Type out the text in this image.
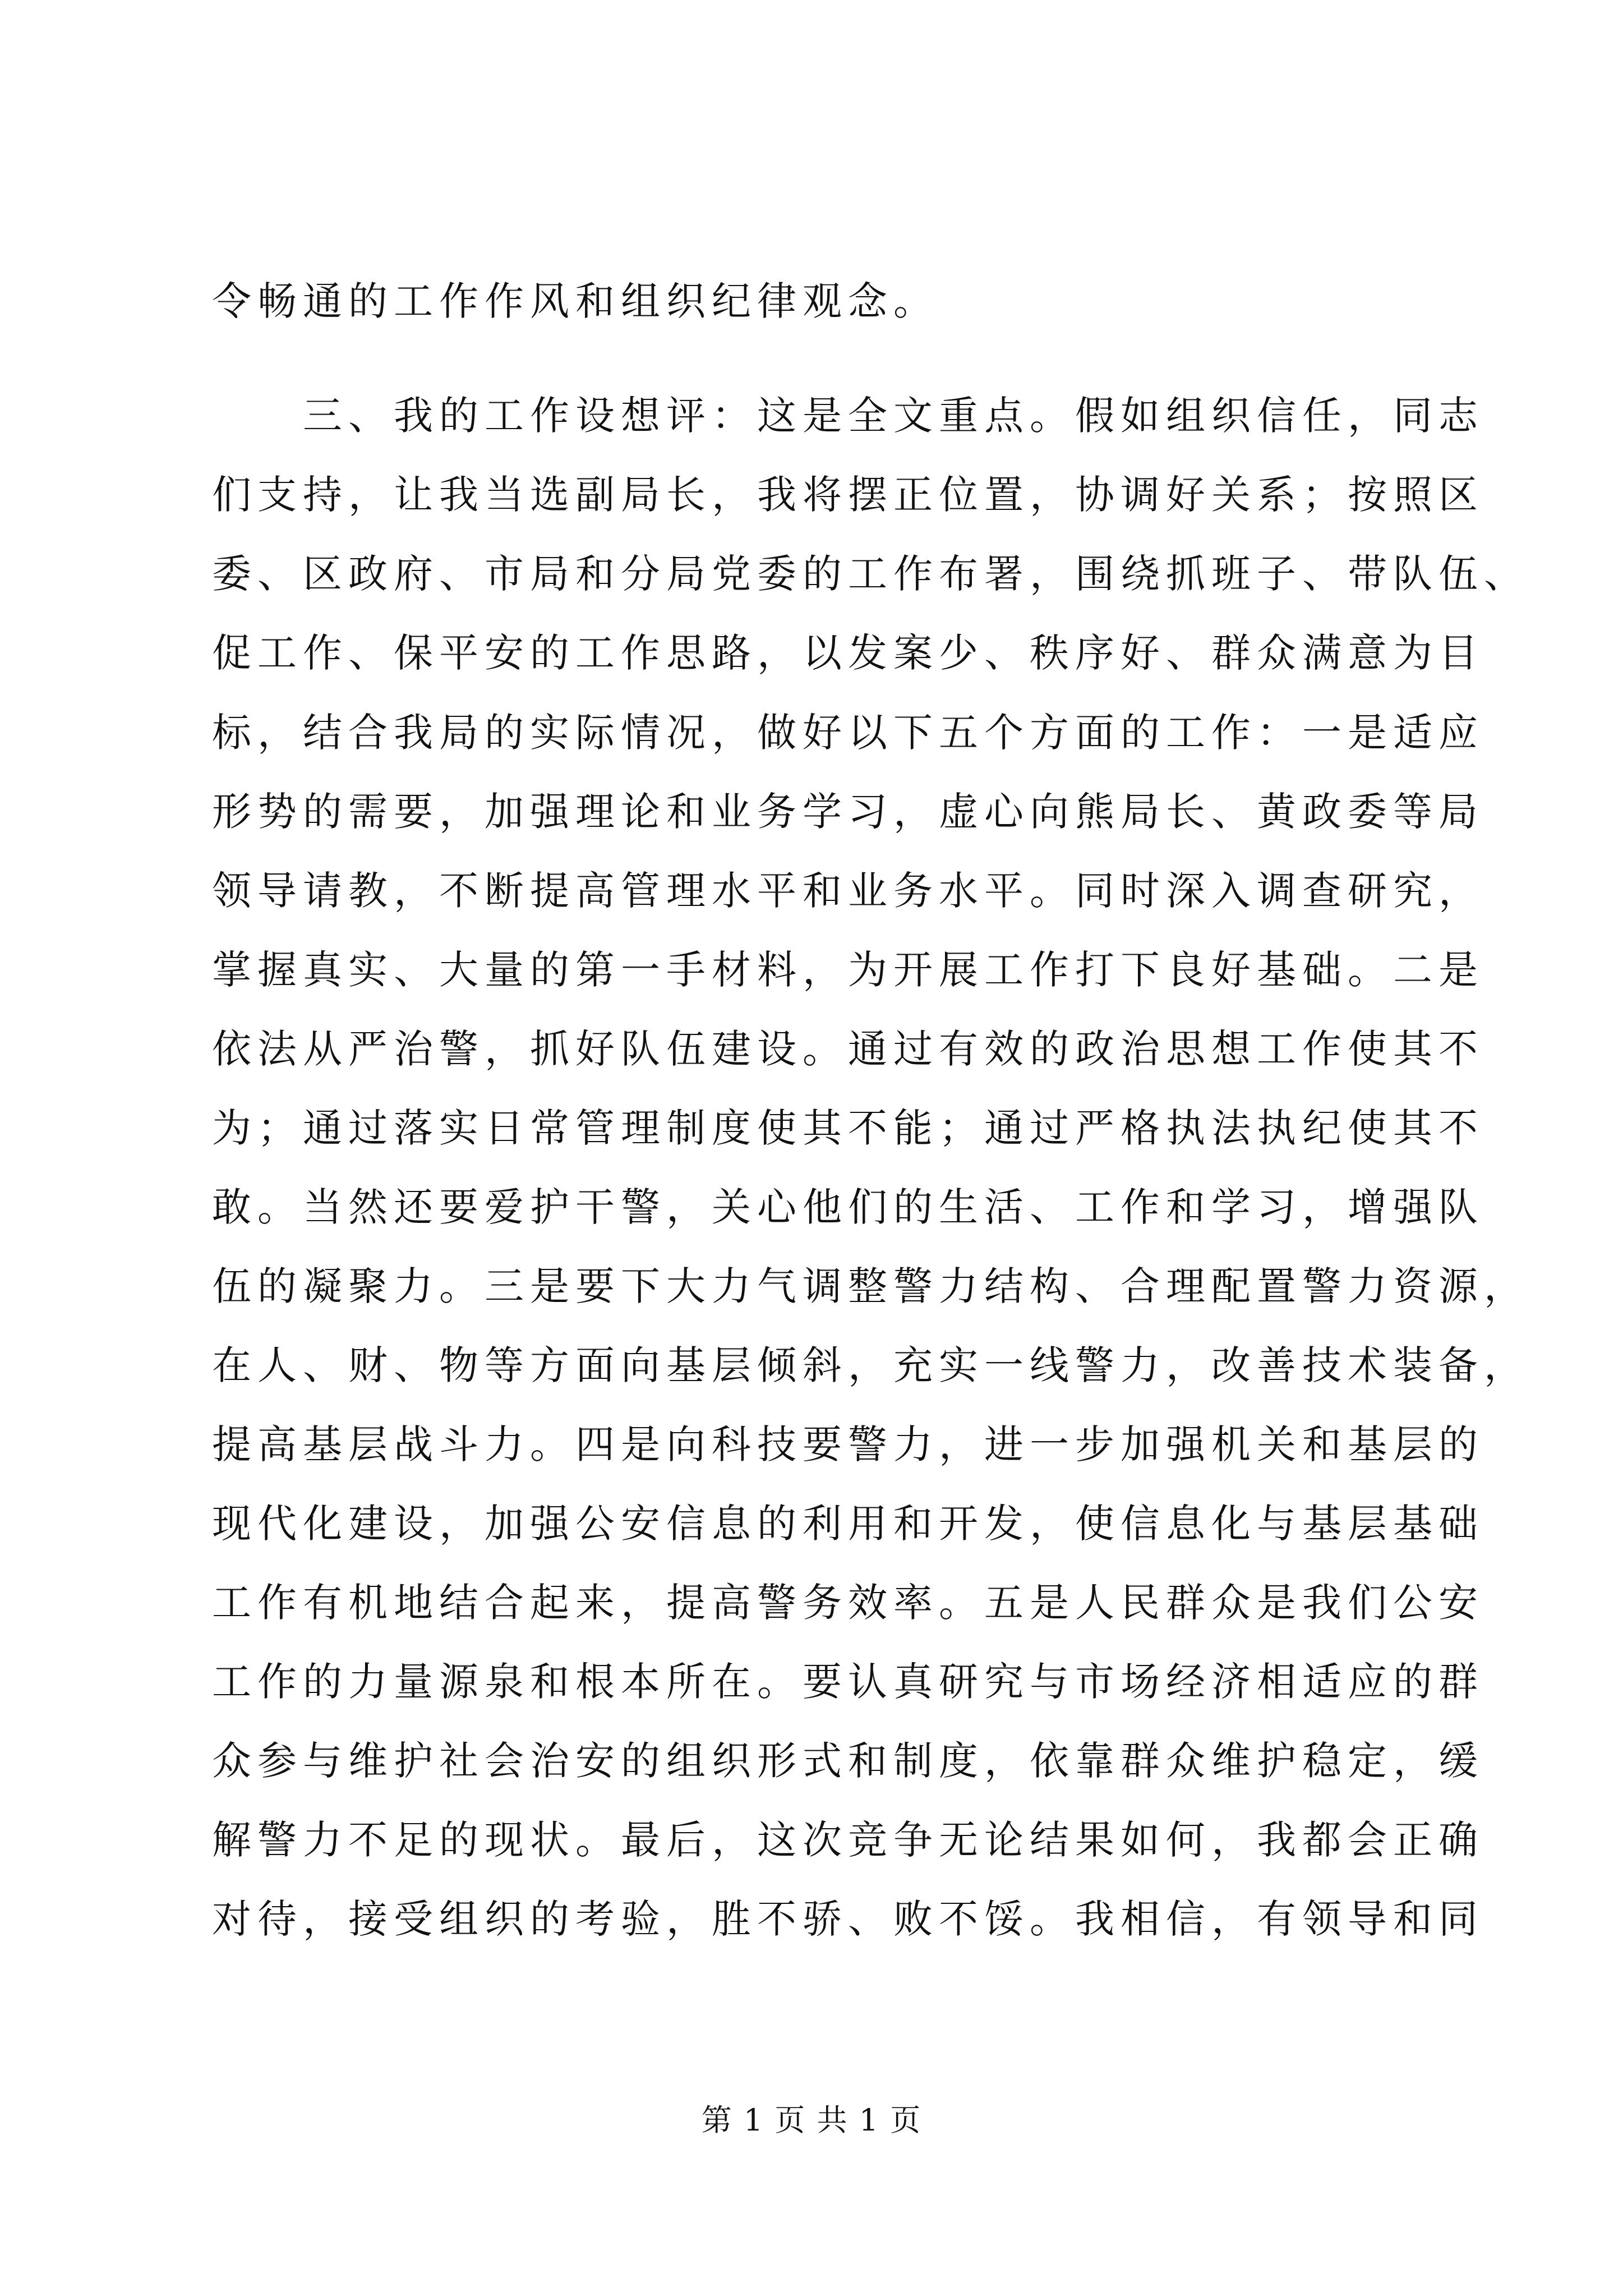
令畅通的工作作风和组织纪律观念。
　　三、我的工作设想评：这是全文重点。假如组织信任，同志
们支持，让我当选副局长，我将摆正位置，协调好关系；按照区
委、区政府、市局和分局党委的工作布署，围绕抓班子、带队伍、
促工作、保平安的工作思路，以发案少、秩序好、群众满意为目
标，结合我局的实际情况，做好以下五个方面的工作：一是适应
形势的需要，加强理论和业务学习，虚心向熊局长、黄政委等局
领导请教，不断提高管理水平和业务水平。同时深入调查研究，
掌握真实、大量的第一手材料，为开展工作打下良好基础。二是
依法从严治警，抓好队伍建设。通过有效的政治思想工作使其不
为；通过落实日常管理制度使其不能；通过严格执法执纪使其不
敢。当然还要爱护干警，关心他们的生活、工作和学习，增强队
伍的凝聚力。三是要下大力气调整警力结构、合理配置警力资源，
在人、财、物等方面向基层倾斜，充实一线警力，改善技术装备，
提高基层战斗力。四是向科技要警力，进一步加强机关和基层的
现代化建设，加强公安信息的利用和开发，使信息化与基层基础
工作有机地结合起来，提高警务效率。五是人民群众是我们公安
工作的力量源泉和根本所在。要认真研究与市场经济相适应的群
众参与维护社会治安的组织形式和制度，依靠群众维护稳定，缓
解警力不足的现状。最后，这次竞争无论结果如何，我都会正确
对待，接受组织的考验，胜不骄、败不馁。我相信，有领导和同
第 1 页 共 1 页
